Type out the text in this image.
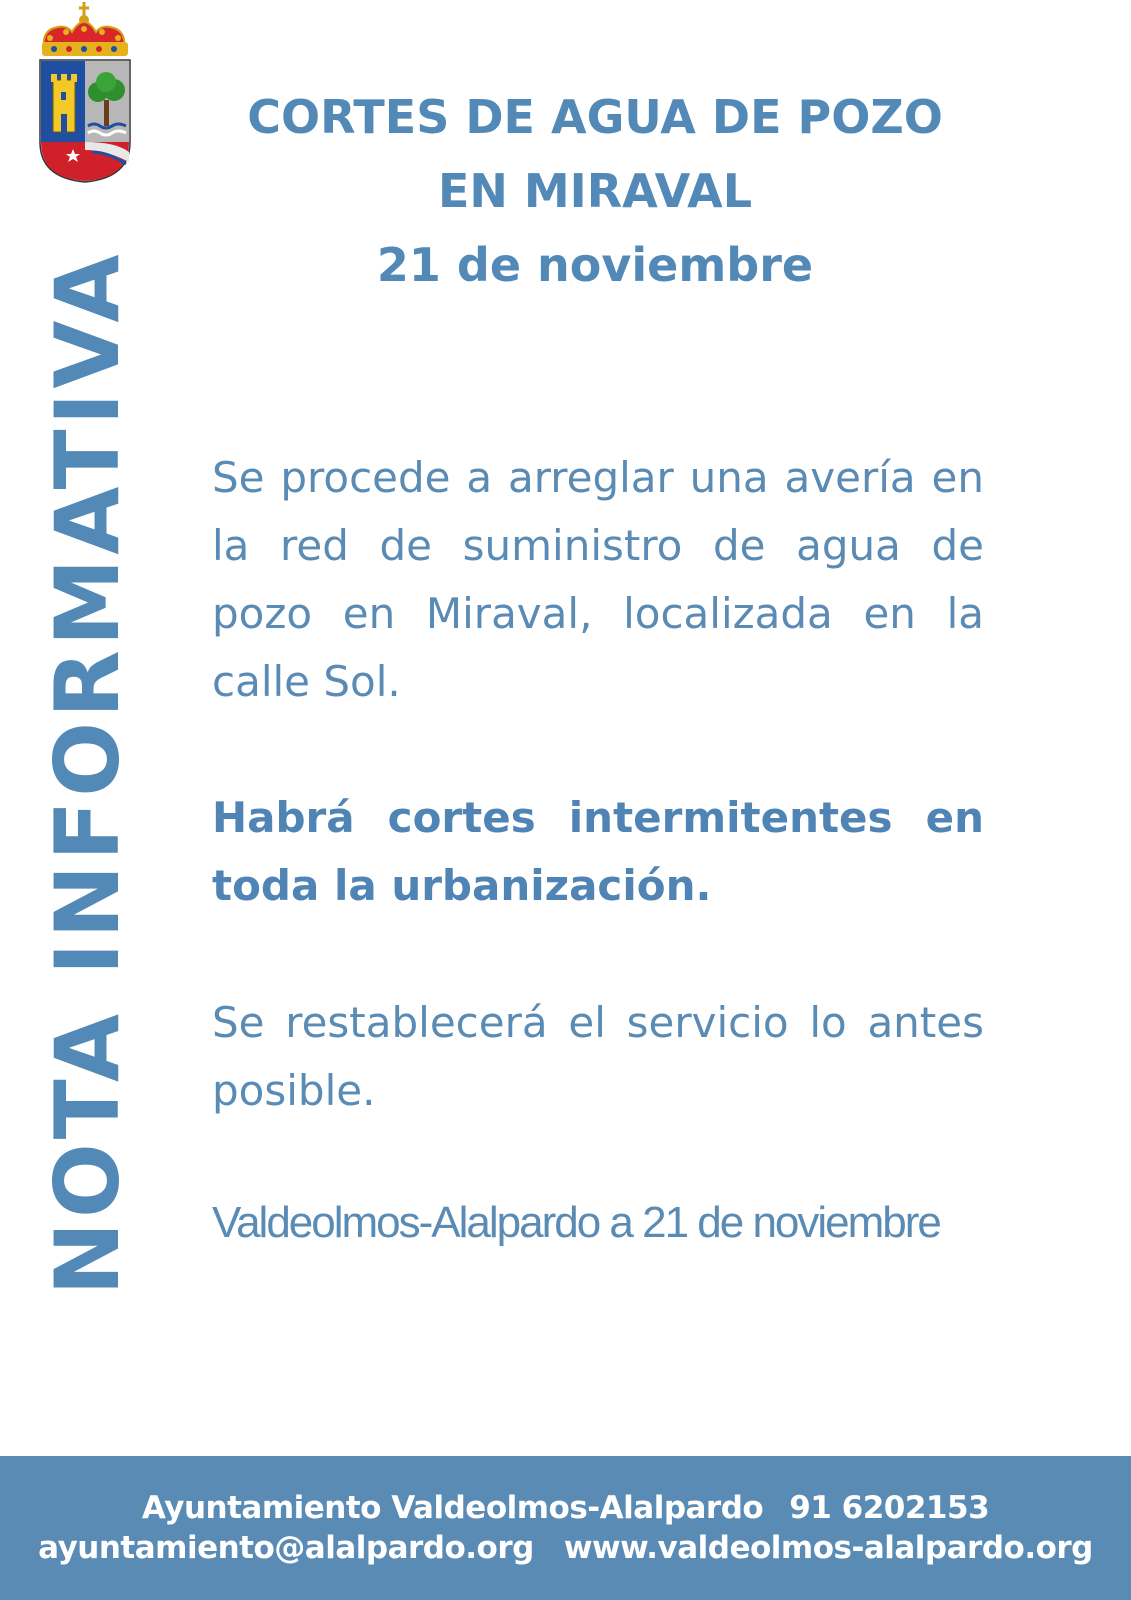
NOTA INFORMATIVA
CORTES DE AGUA DE POZO
EN MIRAVAL
21 de noviembre
Se procede a arreglar una avería en la red de suministro de agua de pozo en Miraval, localizada en la calle Sol.
Habrá cortes intermitentes en toda la urbanización.
Se restablecerá el servicio lo antes posible.
Valdeolmos-Alalpardo a 21 de noviembre
Ayuntamiento Valdeolmos-Alalpardo 91 6202153
ayuntamiento@alalpardo.org www.valdeolmos-alalpardo.org
